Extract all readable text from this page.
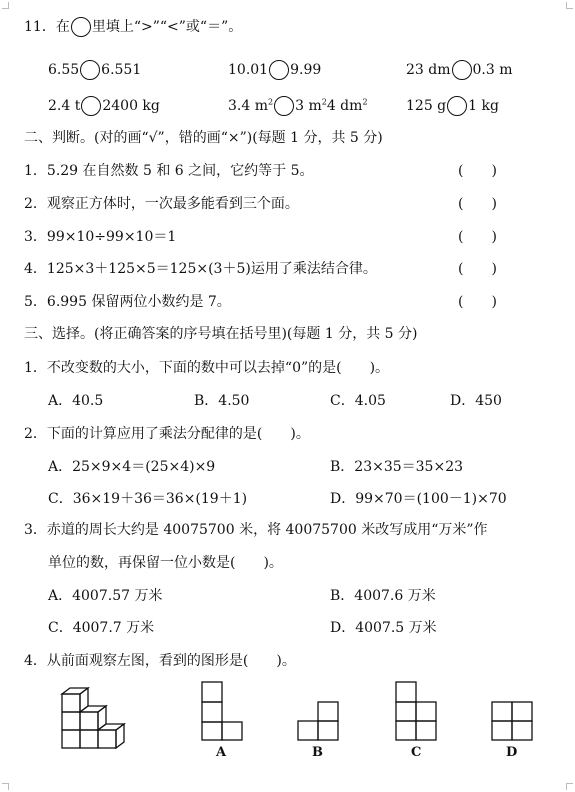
11．在 里填上“>”“<”或“＝”。
6.55 6.551	10.01 9.99	23 dm 0.3 m
2.4 t 2400 kg	3.4 $m^2$ 3 $m^24$ $dm^2$	125 g 1 kg
二、判断。(对的画“√”，错的画“×”)(每题 1 分，共 5 分)
1．5.29 在自然数 5 和 6 之间，它约等于 5。	(　　)
2．观察正方体时，一次最多能看到三个面。	(　　)
3．99×10÷99×10＝1	(　　)
4．125×3＋125×5＝125×(3＋5)运用了乘法结合律。	(　　)
5．6.995 保留两位小数约是 7。	(　　)
三、选择。(将正确答案的序号填在括号里)(每题 1 分，共 5 分)
1．不改变数的大小，下面的数中可以去掉“0”的是(　　)。
A．40.5	B．4.50	C．4.05	D．450
2．下面的计算应用了乘法分配律的是(　　)。
A．25×9×4＝(25×4)×9	B．23×35＝35×23
C．36×19＋36＝36×(19＋1)	D．99×70＝(100－1)×70
3．赤道的周长大约是 40075700 米，将 40075700 米改写成用“万米”作
单位的数，再保留一位小数是(　　)。
A．4007.57 万米	B．4007.6 万米
C．4007.7 万米	D．4007.5 万米
4．从前面观察左图，看到的图形是(　　)。
A	B	C	D
